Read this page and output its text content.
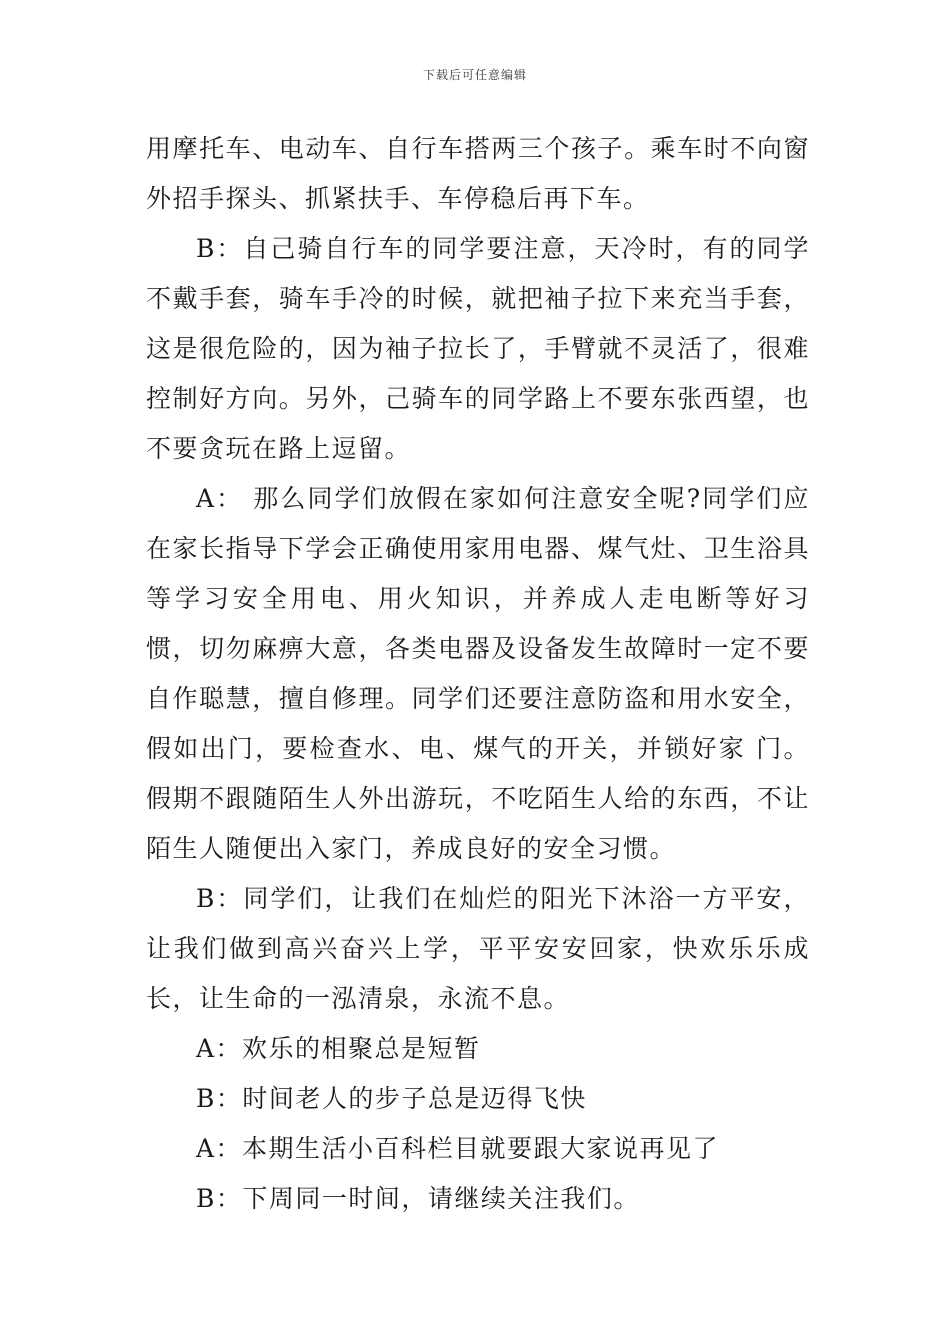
下载后可任意编辑

用摩托车、电动车、自行车搭两三个孩子。乘车时不向窗外招手探头、抓紧扶手、车停稳后再下车。

B：自己骑自行车的同学要注意，天冷时，有的同学不戴手套，骑车手冷的时候，就把袖子拉下来充当手套，这是很危险的，因为袖子拉长了，手臂就不灵活了，很难控制好方向。另外，己骑车的同学路上不要东张西望，也不要贪玩在路上逗留。

A： 那么同学们放假在家如何注意安全呢?同学们应在家长指导下学会正确使用家用电器、煤气灶、卫生浴具等学习安全用电、用火知识，并养成人走电断等好习 惯，切勿麻痹大意，各类电器及设备发生故障时一定不要自作聪慧，擅自修理。同学们还要注意防盗和用水安全，假如出门，要检查水、电、煤气的开关，并锁好家 门。假期不跟随陌生人外出游玩，不吃陌生人给的东西，不让陌生人随便出入家门，养成良好的安全习惯。

B：同学们，让我们在灿烂的阳光下沐浴一方平安，让我们做到高兴奋兴上学，平平安安回家，快欢乐乐成长，让生命的一泓清泉，永流不息。

A：欢乐的相聚总是短暂

B：时间老人的步子总是迈得飞快

A：本期生活小百科栏目就要跟大家说再见了

B：下周同一时间，请继续关注我们。
